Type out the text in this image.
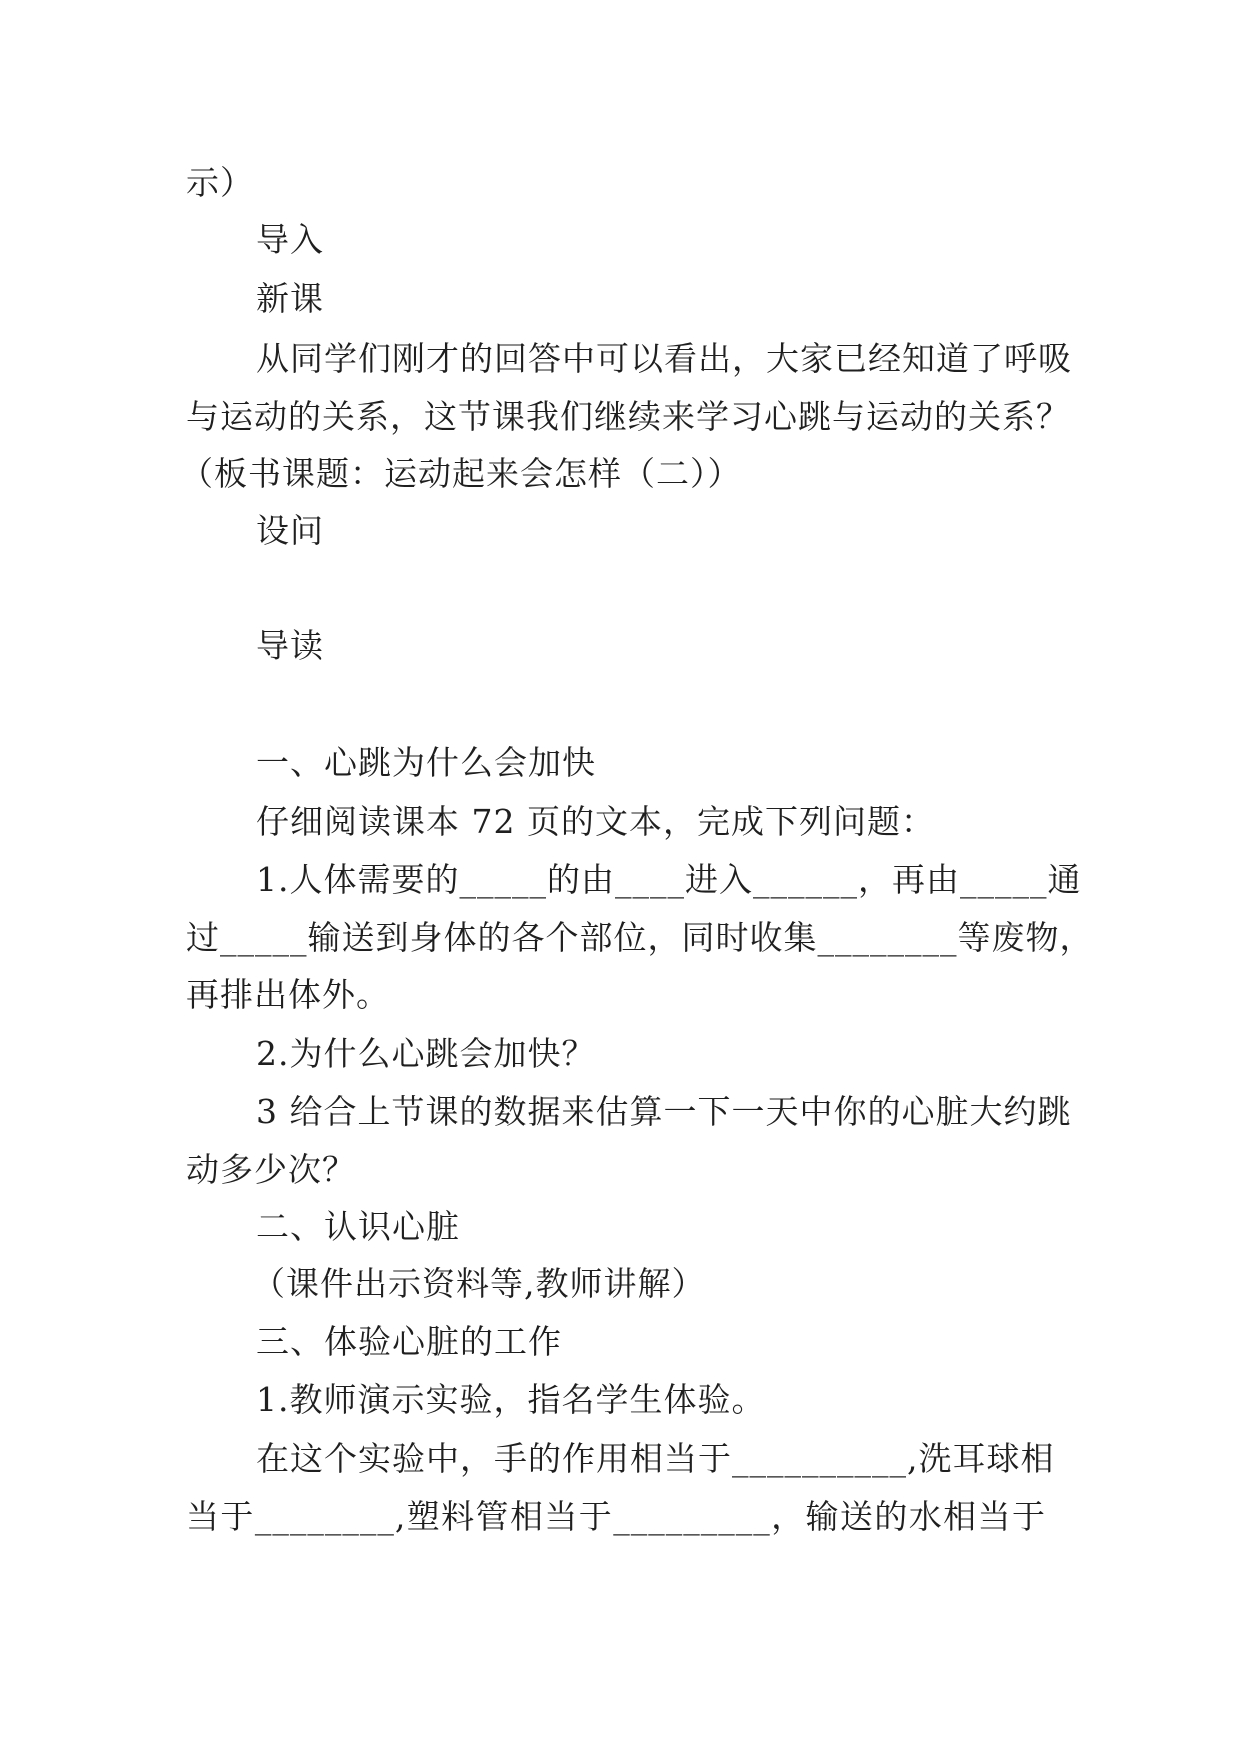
示）
导入
新课
从同学们刚才的回答中可以看出，大家已经知道了呼吸
与运动的关系，这节课我们继续来学习心跳与运动的关系？
（板书课题：运动起来会怎样（二））
设问
导读
一、心跳为什么会加快
仔细阅读课本 72 页的文本，完成下列问题：
1.人体需要的_____的由____进入______，再由_____通
过_____输送到身体的各个部位，同时收集________等废物，
再排出体外。
2.为什么心跳会加快？
3 给合上节课的数据来估算一下一天中你的心脏大约跳
动多少次？
二、认识心脏
（课件出示资料等,教师讲解）
三、体验心脏的工作
1.教师演示实验，指名学生体验。
在这个实验中，手的作用相当于__________,洗耳球相
当于________,塑料管相当于_________，输送的水相当于
